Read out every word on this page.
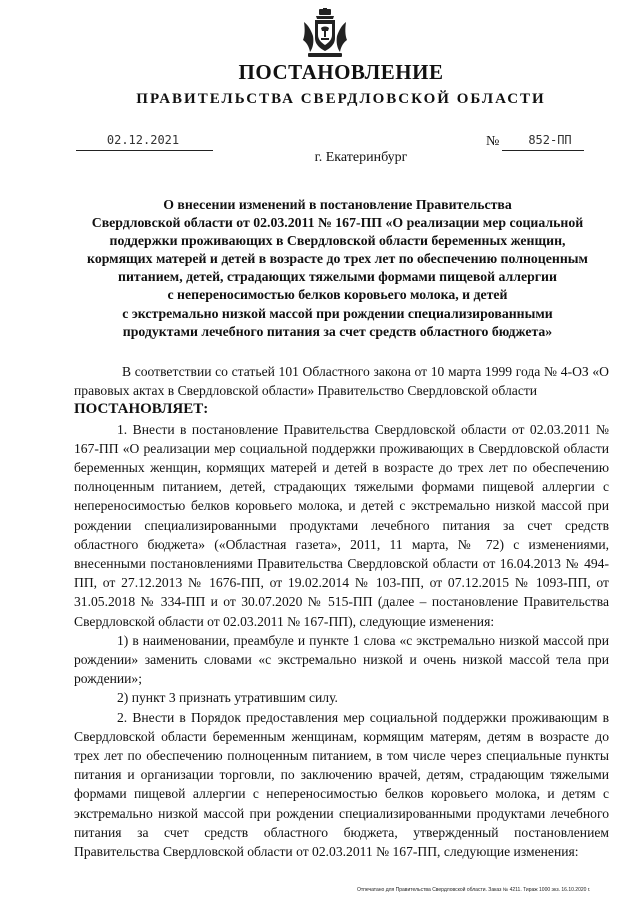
ПОСТАНОВЛЕНИЕ
ПРАВИТЕЛЬСТВА СВЕРДЛОВСКОЙ ОБЛАСТИ
02.12.2021	№	852-ПП
г. Екатеринбург
О внесении изменений в постановление Правительства
Свердловской области от 02.03.2011 № 167-ПП «О реализации мер социальной
поддержки проживающих в Свердловской области беременных женщин,
кормящих матерей и детей в возрасте до трех лет по обеспечению полноценным
питанием, детей, страдающих тяжелыми формами пищевой аллергии
с непереносимостью белков коровьего молока, и детей
с экстремально низкой массой при рождении специализированными
продуктами лечебного питания за счет средств областного бюджета»

В соответствии со статьей 101 Областного закона от 10 марта 1999 года № 4-ОЗ «О правовых актах в Свердловской области» Правительство Свердловской области

ПОСТАНОВЛЯЕТ:

1. Внести в постановление Правительства Свердловской области от 02.03.2011 № 167-ПП «О реализации мер социальной поддержки проживающих в Свердловской области беременных женщин, кормящих матерей и детей в возрасте до трех лет по обеспечению полноценным питанием, детей, страдающих тяжелыми формами пищевой аллергии с непереносимостью белков коровьего молока, и детей с экстремально низкой массой при рождении специализированными продуктами лечебного питания за счет средств областного бюджета» («Областная газета», 2011, 11 марта, № 72) с изменениями, внесенными постановлениями Правительства Свердловской области от 16.04.2013 № 494-ПП, от 27.12.2013 № 1676-ПП, от 19.02.2014 № 103-ПП, от 07.12.2015 № 1093-ПП, от 31.05.2018 № 334-ПП и от 30.07.2020 № 515-ПП (далее – постановление Правительства Свердловской области от 02.03.2011 № 167-ПП), следующие изменения:

1) в наименовании, преамбуле и пункте 1 слова «с экстремально низкой массой при рождении» заменить словами «с экстремально низкой и очень низкой массой тела при рождении»;

2) пункт 3 признать утратившим силу.

2. Внести в Порядок предоставления мер социальной поддержки проживающим в Свердловской области беременным женщинам, кормящим матерям, детям в возрасте до трех лет по обеспечению полноценным питанием, в том числе через специальные пункты питания и организации торговли, по заключению врачей, детям, страдающим тяжелыми формами пищевой аллергии с непереносимостью белков коровьего молока, и детям с экстремально низкой массой при рождении специализированными продуктами лечебного питания за счет средств областного бюджета, утвержденный постановлением Правительства Свердловской области от 02.03.2011 № 167-ПП, следующие изменения:

Отпечатано для Правительства Свердловской области. Заказ № 4211. Тираж 1000 экз. 16.10.2020 г.
